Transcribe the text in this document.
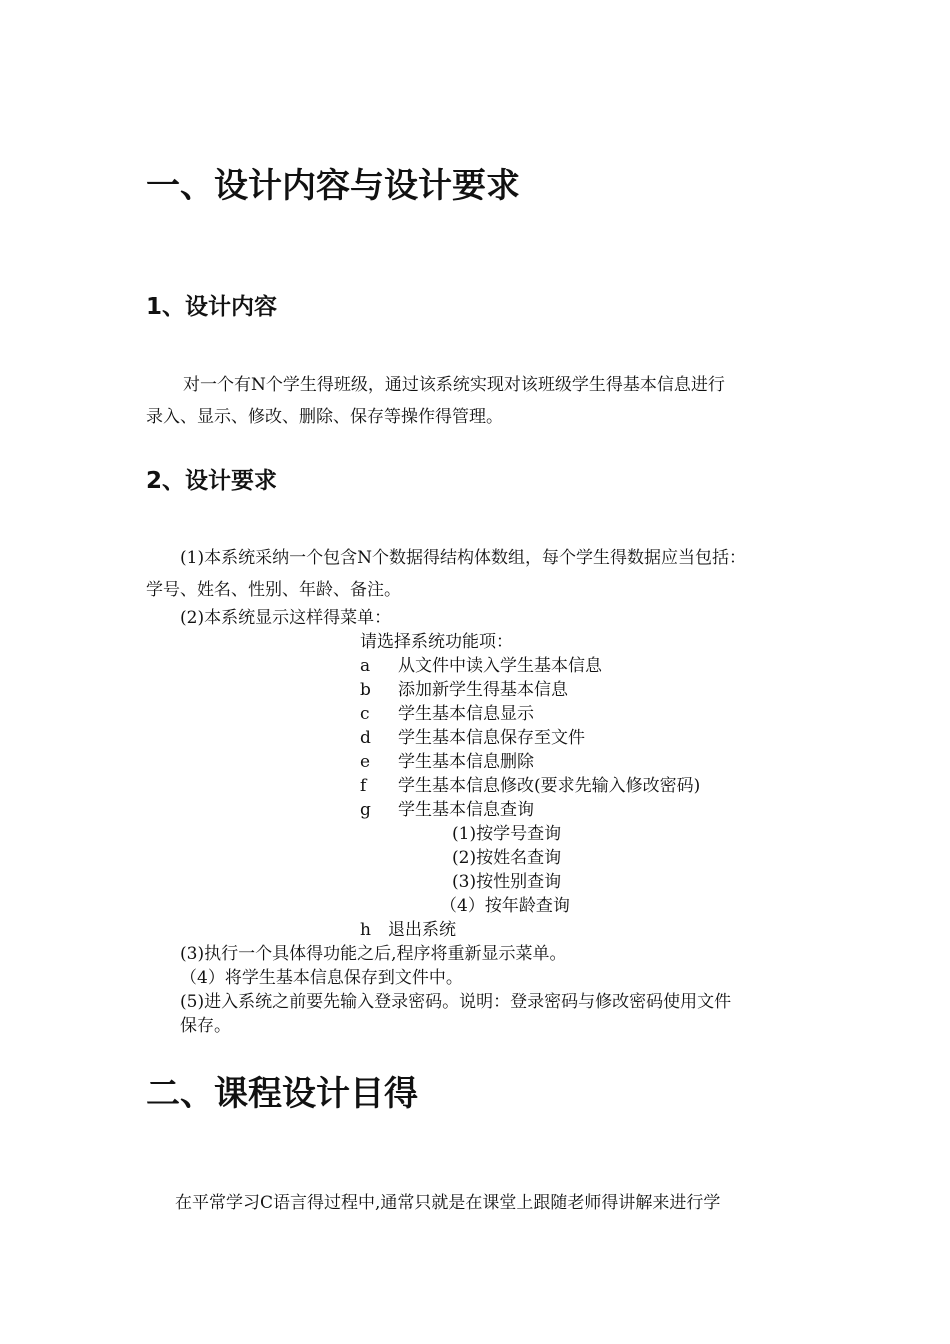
一、设计内容与设计要求
1、设计内容
对一个有N个学生得班级，通过该系统实现对该班级学生得基本信息进行
录入、显示、修改、删除、保存等操作得管理。
2、设计要求
(1)本系统采纳一个包含N个数据得结构体数组，每个学生得数据应当包括：
学号、姓名、性别、年龄、备注。
(2)本系统显示这样得菜单：
请选择系统功能项：
a 从文件中读入学生基本信息
b 添加新学生得基本信息
c 学生基本信息显示
d 学生基本信息保存至文件
e 学生基本信息删除
f 学生基本信息修改(要求先输入修改密码)
g 学生基本信息查询
(1)按学号查询
(2)按姓名查询
(3)按性别查询
（4）按年龄查询
h 退出系统
(3)执行一个具体得功能之后,程序将重新显示菜单。
（4）将学生基本信息保存到文件中。
(5)进入系统之前要先输入登录密码。说明：登录密码与修改密码使用文件
保存。
二、课程设计目得
在平常学习C语言得过程中,通常只就是在课堂上跟随老师得讲解来进行学
